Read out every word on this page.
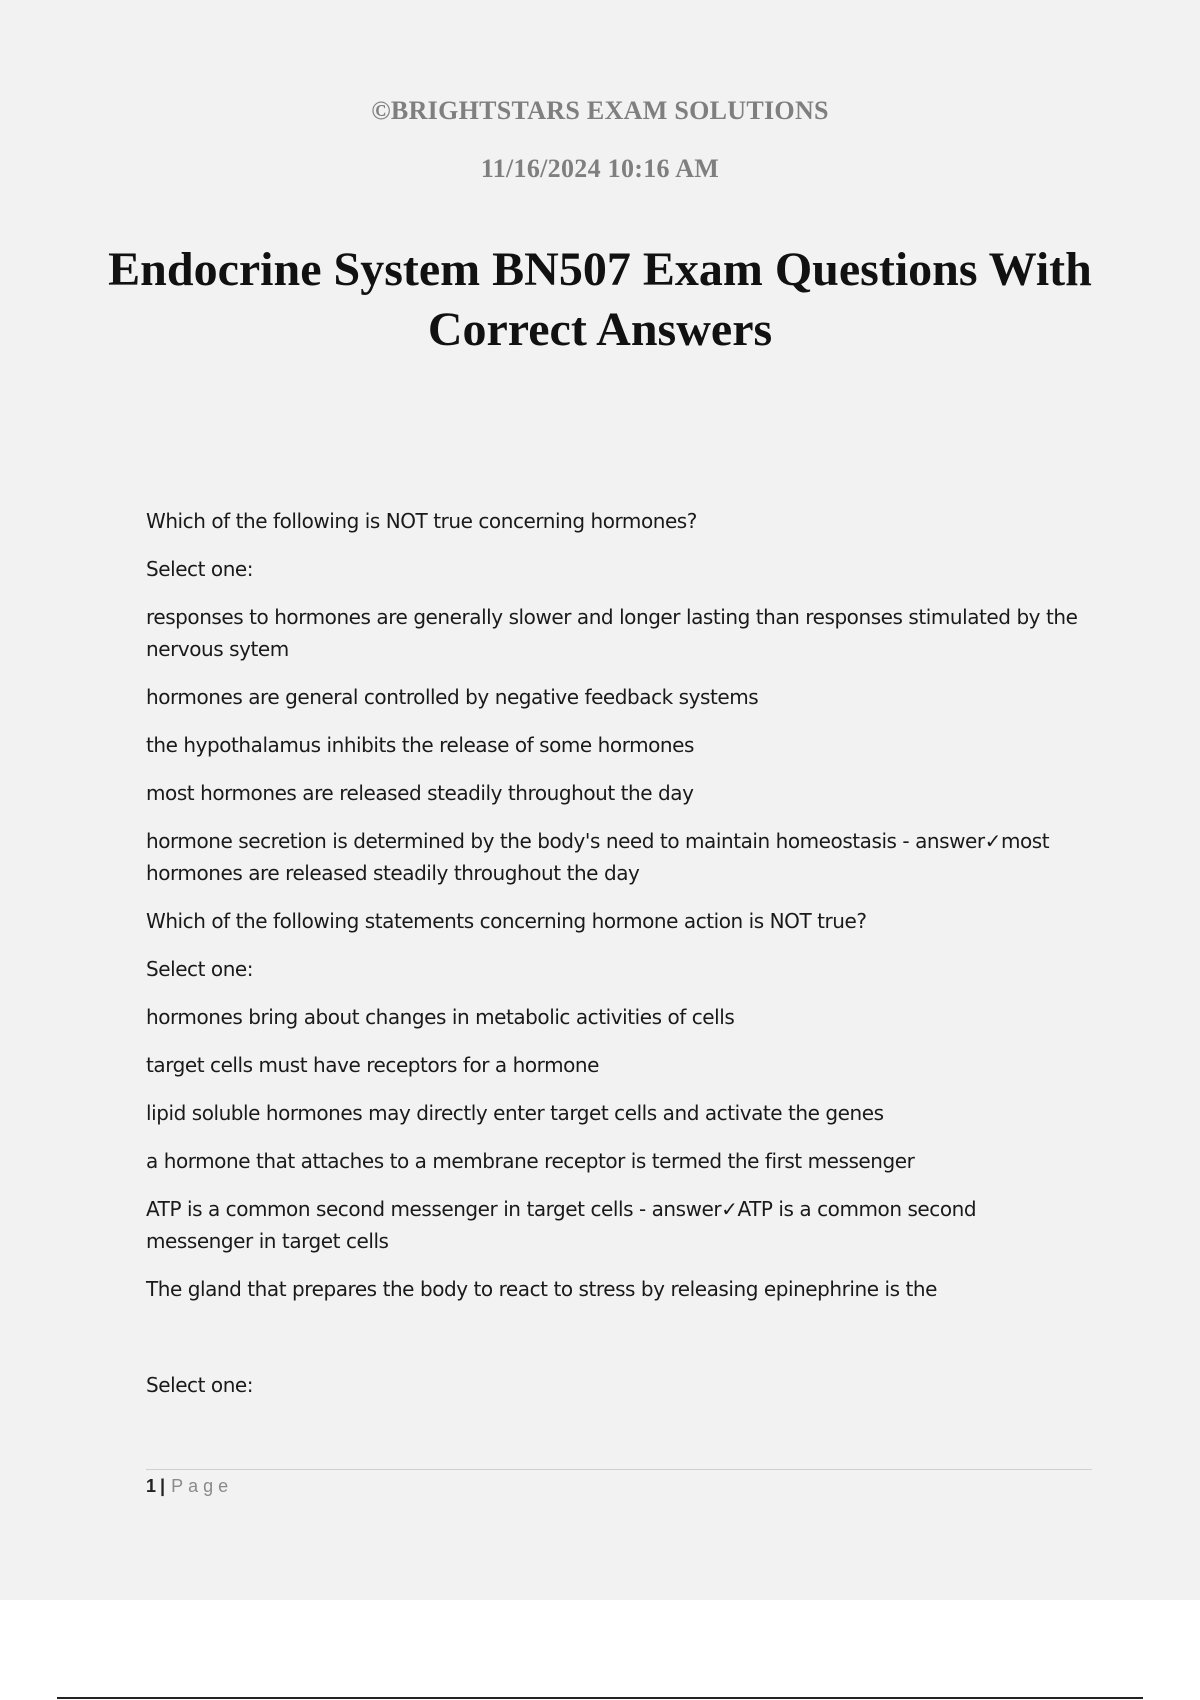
©BRIGHTSTARS EXAM SOLUTIONS
11/16/2024 10:16 AM
Endocrine System BN507 Exam Questions With Correct Answers

Which of the following is NOT true concerning hormones?

Select one:

responses to hormones are generally slower and longer lasting than responses stimulated by the nervous sytem

hormones are general controlled by negative feedback systems

the hypothalamus inhibits the release of some hormones

most hormones are released steadily throughout the day

hormone secretion is determined by the body's need to maintain homeostasis - answer✓most hormones are released steadily throughout the day

Which of the following statements concerning hormone action is NOT true?

Select one:

hormones bring about changes in metabolic activities of cells

target cells must have receptors for a hormone

lipid soluble hormones may directly enter target cells and activate the genes

a hormone that attaches to a membrane receptor is termed the first messenger

ATP is a common second messenger in target cells - answer✓ATP is a common second messenger in target cells

The gland that prepares the body to react to stress by releasing epinephrine is the

Select one:

1 | Page
